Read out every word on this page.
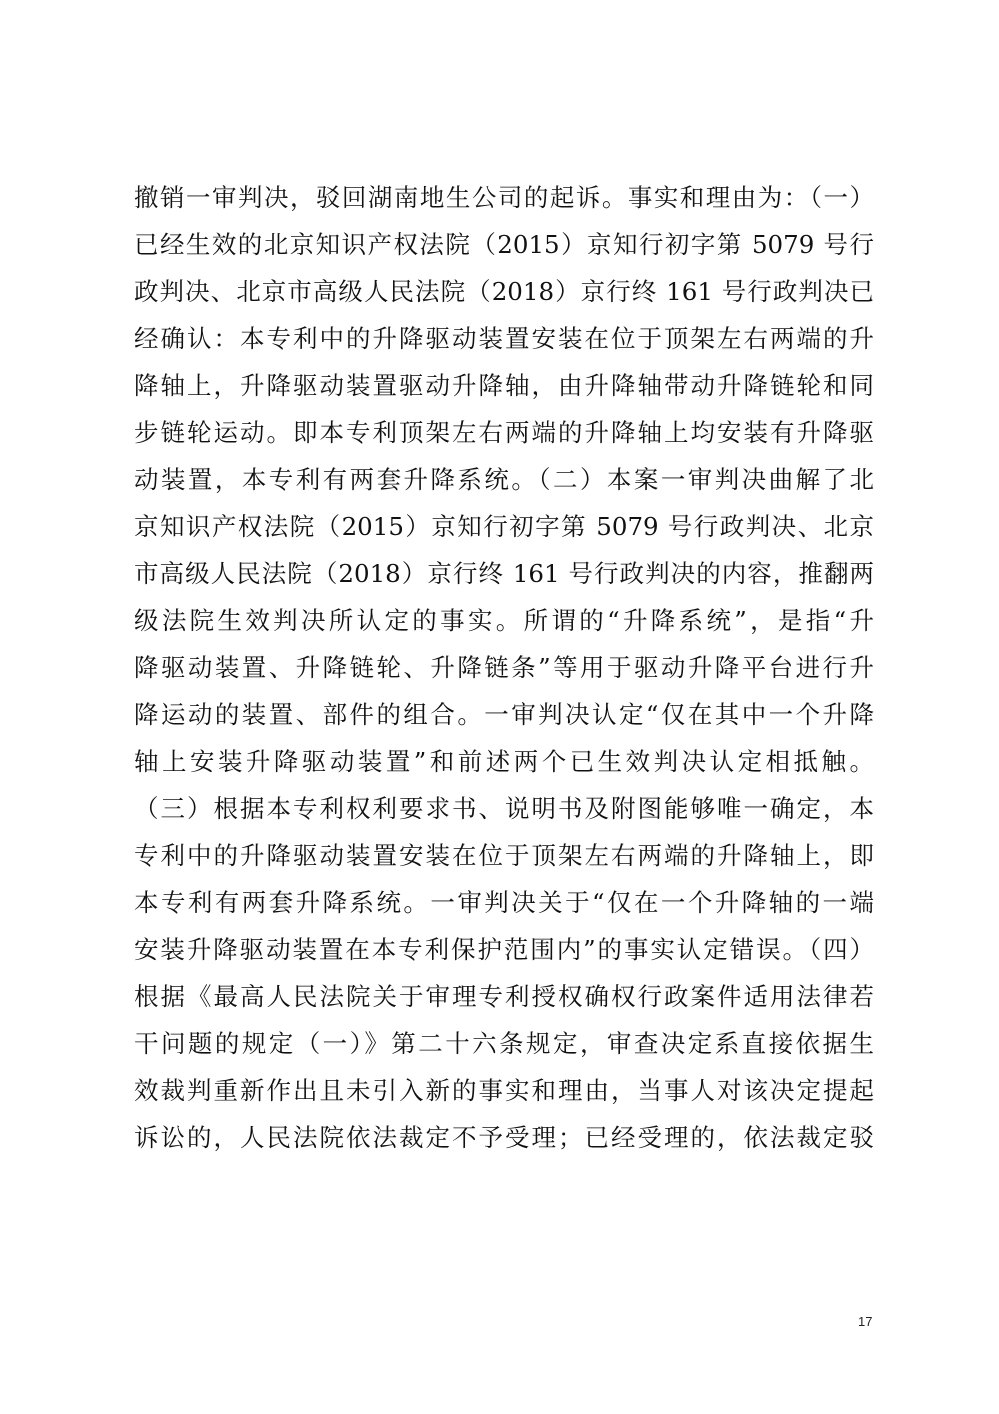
撤销一审判决，驳回湖南地生公司的起诉。事实和理由为：（一）
已经生效的北京知识产权法院（2015）京知行初字第 5079 号行
政判决、北京市高级人民法院（2018）京行终 161 号行政判决已
经确认：本专利中的升降驱动装置安装在位于顶架左右两端的升
降轴上，升降驱动装置驱动升降轴，由升降轴带动升降链轮和同
步链轮运动。即本专利顶架左右两端的升降轴上均安装有升降驱
动装置，本专利有两套升降系统。（二）本案一审判决曲解了北
京知识产权法院（2015）京知行初字第 5079 号行政判决、北京
市高级人民法院（2018）京行终 161 号行政判决的内容，推翻两
级法院生效判决所认定的事实。所谓的“升降系统”，是指“升
降驱动装置、升降链轮、升降链条”等用于驱动升降平台进行升
降运动的装置、部件的组合。一审判决认定“仅在其中一个升降
轴上安装升降驱动装置”和前述两个已生效判决认定相抵触。
（三）根据本专利权利要求书、说明书及附图能够唯一确定，本
专利中的升降驱动装置安装在位于顶架左右两端的升降轴上，即
本专利有两套升降系统。一审判决关于“仅在一个升降轴的一端
安装升降驱动装置在本专利保护范围内”的事实认定错误。（四）
根据《最高人民法院关于审理专利授权确权行政案件适用法律若
干问题的规定（一）》第二十六条规定，审查决定系直接依据生
效裁判重新作出且未引入新的事实和理由，当事人对该决定提起
诉讼的，人民法院依法裁定不予受理；已经受理的，依法裁定驳
17
